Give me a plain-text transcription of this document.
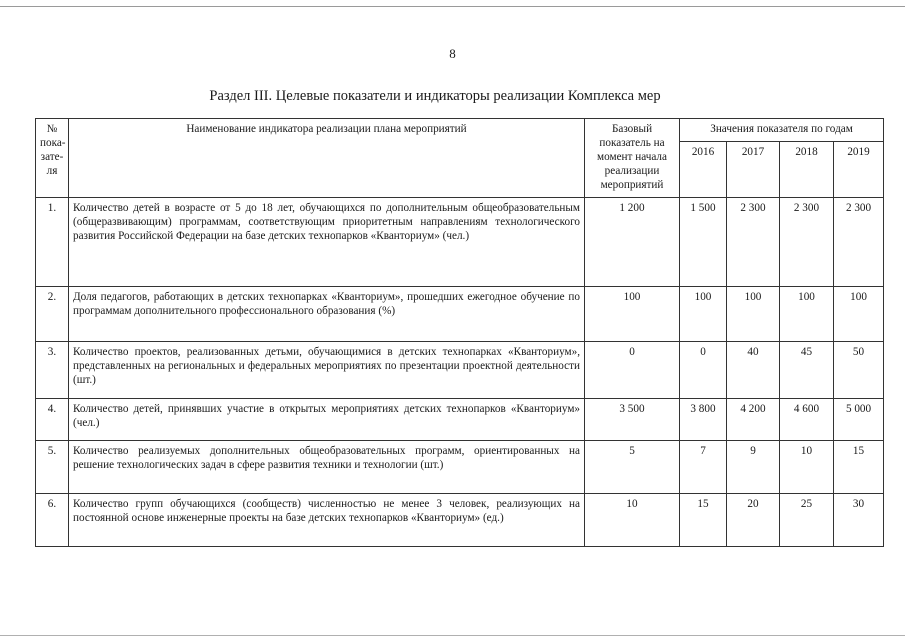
8
Раздел III. Целевые показатели и индикаторы реализации Комплекса мер
№ пока-зате-ля	Наименование индикатора реализации плана мероприятий	Базовый показатель на момент начала реализации мероприятий	Значения показателя по годам			
			2016	2017	2018	2019
1.	Количество детей в возрасте от 5 до 18 лет, обучающихся по дополнительным общеобразовательным (общеразвивающим) программам, соответствующим приоритетным направлениям технологического развития Российской Федерации на базе детских технопарков «Кванториум» (чел.)	1 200	1 500	2 300	2 300	2 300
2.	Доля педагогов, работающих в детских технопарках «Кванториум», прошедших ежегодное обучение по программам дополнительного профессионального образования (%)	100	100	100	100	100
3.	Количество проектов, реализованных детьми, обучающимися в детских технопарках «Кванториум», представленных на региональных и федеральных мероприятиях по презентации проектной деятельности (шт.)	0	0	40	45	50
4.	Количество детей, принявших участие в открытых мероприятиях детских технопарков «Кванториум» (чел.)	3 500	3 800	4 200	4 600	5 000
5.	Количество реализуемых дополнительных общеобразовательных программ, ориентированных на решение технологических задач в сфере развития техники и технологии (шт.)	5	7	9	10	15
6.	Количество групп обучающихся (сообществ) численностью не менее 3 человек, реализующих на постоянной основе инженерные проекты на базе детских технопарков «Кванториум» (ед.)	10	15	20	25	30
